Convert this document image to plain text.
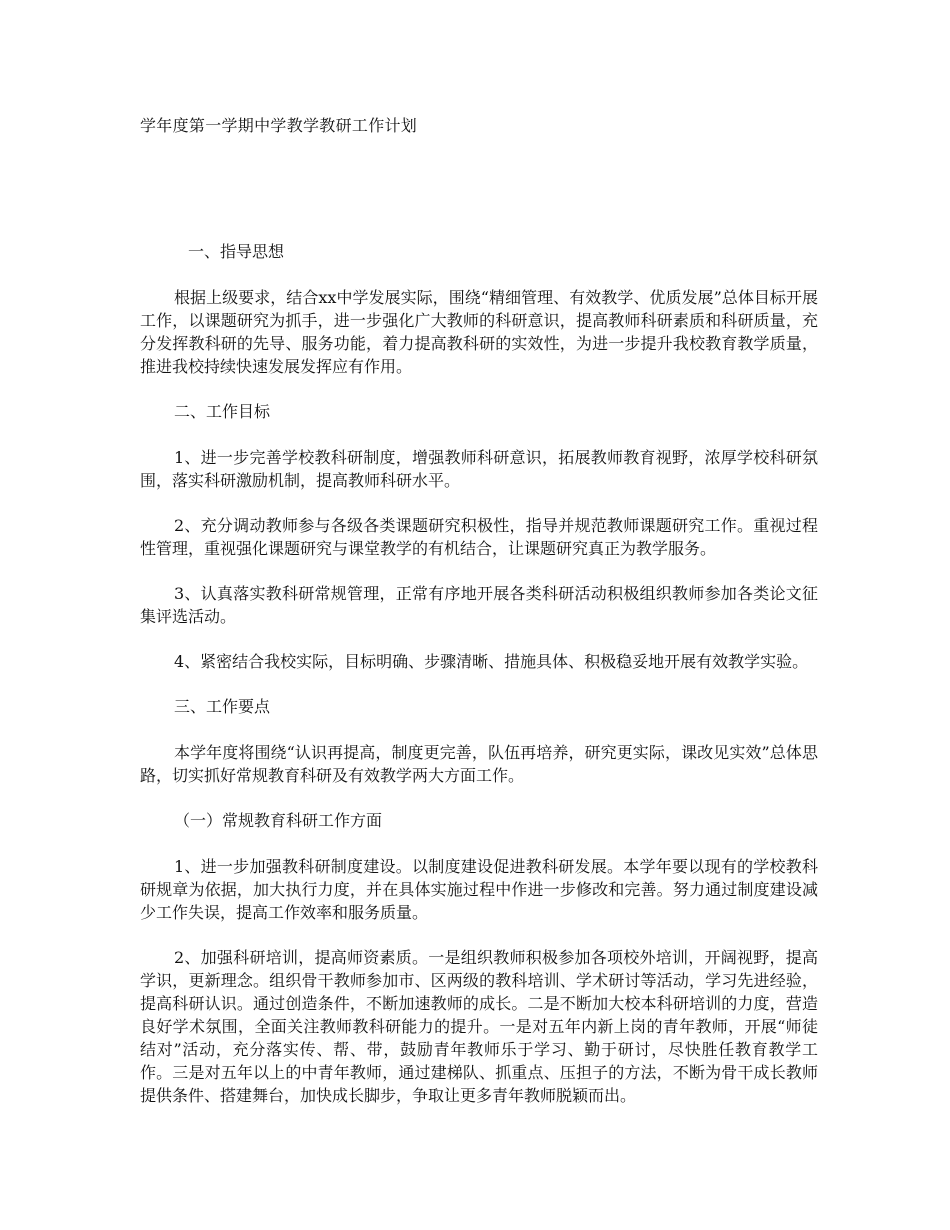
学年度第一学期中学教学教研工作计划
一、指导思想

根据上级要求，结合xx中学发展实际，围绕“精细管理、有效教学、优质发展”总体目标开展工作，以课题研究为抓手，进一步强化广大教师的科研意识，提高教师科研素质和科研质量，充分发挥教科研的先导、服务功能，着力提高教科研的实效性，为进一步提升我校教育教学质量，推进我校持续快速发展发挥应有作用。

二、工作目标

1、进一步完善学校教科研制度，增强教师科研意识，拓展教师教育视野，浓厚学校科研氛围，落实科研激励机制，提高教师科研水平。

2、充分调动教师参与各级各类课题研究积极性，指导并规范教师课题研究工作。重视过程性管理，重视强化课题研究与课堂教学的有机结合，让课题研究真正为教学服务。

3、认真落实教科研常规管理，正常有序地开展各类科研活动积极组织教师参加各类论文征集评选活动。

4、紧密结合我校实际，目标明确、步骤清晰、措施具体、积极稳妥地开展有效教学实验。

三、工作要点

本学年度将围绕“认识再提高，制度更完善，队伍再培养，研究更实际，课改见实效”总体思路，切实抓好常规教育科研及有效教学两大方面工作。

（一）常规教育科研工作方面

1、进一步加强教科研制度建设。以制度建设促进教科研发展。本学年要以现有的学校教科研规章为依据，加大执行力度，并在具体实施过程中作进一步修改和完善。努力通过制度建设减少工作失误，提高工作效率和服务质量。

2、加强科研培训，提高师资素质。一是组织教师积极参加各项校外培训，开阔视野，提高学识，更新理念。组织骨干教师参加市、区两级的教科培训、学术研讨等活动，学习先进经验，提高科研认识。通过创造条件，不断加速教师的成长。二是不断加大校本科研培训的力度，营造良好学术氛围，全面关注教师教科研能力的提升。一是对五年内新上岗的青年教师，开展“师徒结对”活动，充分落实传、帮、带，鼓励青年教师乐于学习、勤于研讨，尽快胜任教育教学工作。三是对五年以上的中青年教师，通过建梯队、抓重点、压担子的方法，不断为骨干成长教师提供条件、搭建舞台，加快成长脚步，争取让更多青年教师脱颖而出。
